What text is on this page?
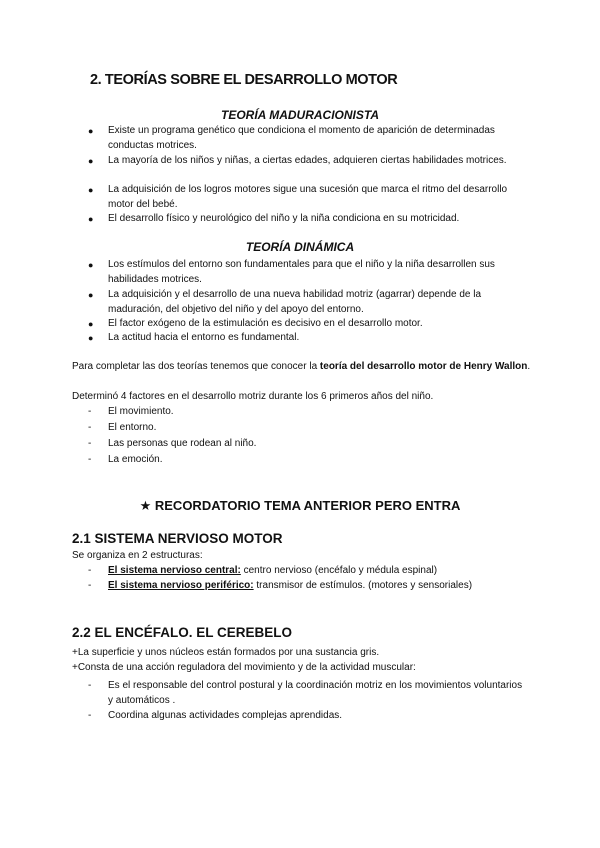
2. TEORÍAS SOBRE EL DESARROLLO MOTOR
TEORÍA MADURACIONISTA
●	Existe un programa genético que condiciona el momento de aparición de determinadas conductas motrices.
●	La mayoría de los niños y niñas, a ciertas edades, adquieren ciertas habilidades motrices.
●	La adquisición de los logros motores sigue una sucesión que marca el ritmo del desarrollo motor del bebé.
●	El desarrollo físico y neurológico del niño y la niña condiciona en su motricidad.
TEORÍA DINÁMICA
●	Los estímulos del entorno son fundamentales para que el niño y la niña desarrollen sus habilidades motrices.
●	La adquisición y el desarrollo de una nueva habilidad motriz (agarrar) depende de la maduración, del objetivo del niño y del apoyo del entorno.
●	El factor exógeno de la estimulación es decisivo en el desarrollo motor.
●	La actitud hacia el entorno es fundamental.
Para completar las dos teorías tenemos que conocer la teoría del desarrollo motor de Henry Wallon.
Determinó 4 factores en el desarrollo motriz durante los 6 primeros años del niño.
-	El movimiento.
-	El entorno.
-	Las personas que rodean al niño.
-	La emoción.
★ RECORDATORIO TEMA ANTERIOR PERO ENTRA
2.1 SISTEMA NERVIOSO MOTOR
Se organiza en 2 estructuras:
-	El sistema nervioso central: centro nervioso (encéfalo y médula espinal)
-	El sistema nervioso periférico: transmisor de estímulos. (motores y sensoriales)
2.2 EL ENCÉFALO. EL CEREBELO
+La superficie y unos núcleos están formados por una sustancia gris.
+Consta de una acción reguladora del movimiento y de la actividad muscular:
-	Es el responsable del control postural y la coordinación motriz en los movimientos voluntarios y automáticos .
-	Coordina algunas actividades complejas aprendidas.
